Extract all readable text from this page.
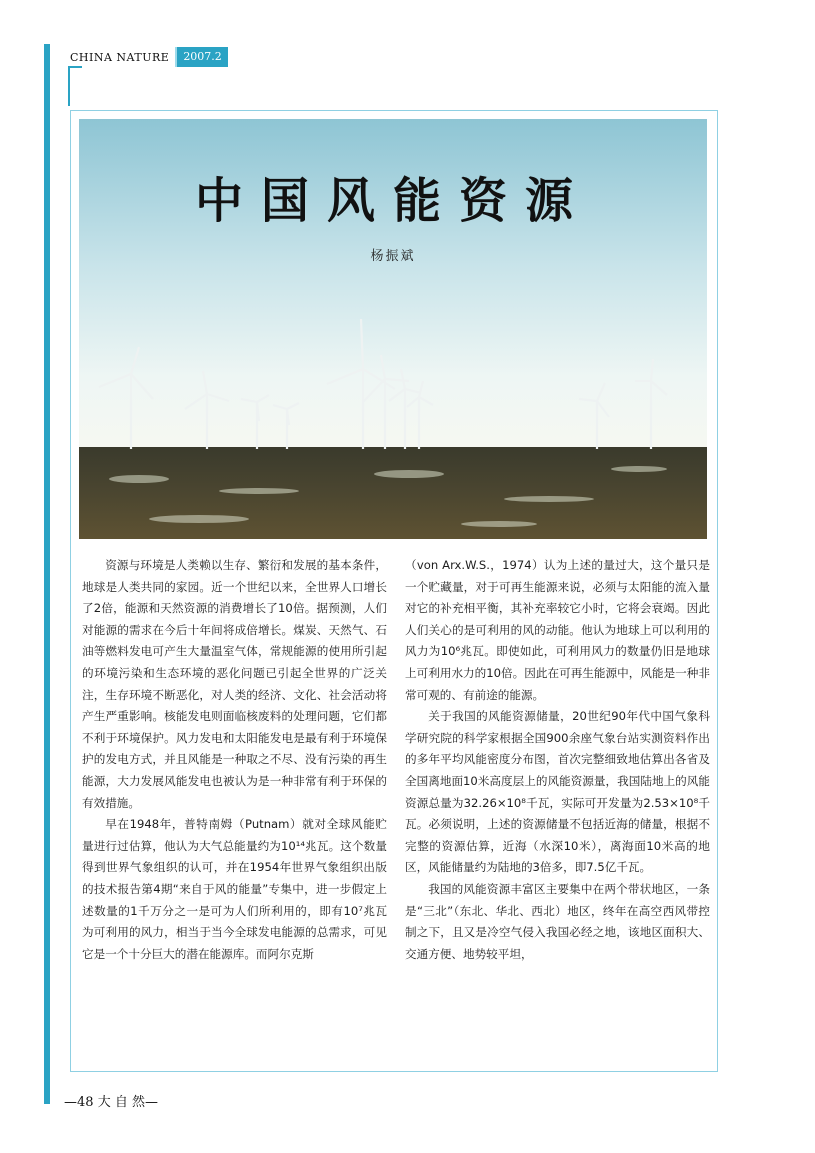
CHINA NATURE	2007.2
中国风能资源
杨振斌

资源与环境是人类赖以生存、繁衍和发展的基本条件，地球是人类共同的家园。近一个世纪以来，全世界人口增长了2倍，能源和天然资源的消费增长了10倍。据预测，人们对能源的需求在今后十年间将成倍增长。煤炭、天然气、石油等燃料发电可产生大量温室气体，常规能源的使用所引起的环境污染和生态环境的恶化问题已引起全世界的广泛关注，生存环境不断恶化，对人类的经济、文化、社会活动将产生严重影响。核能发电则面临核废料的处理问题，它们都不利于环境保护。风力发电和太阳能发电是最有利于环境保护的发电方式，并且风能是一种取之不尽、没有污染的再生能源，大力发展风能发电也被认为是一种非常有利于环保的有效措施。

早在1948年，普特南姆（Putnam）就对全球风能贮量进行过估算，他认为大气总能量约为10¹⁴兆瓦。这个数量得到世界气象组织的认可，并在1954年世界气象组织出版的技术报告第4期“来自于风的能量”专集中，进一步假定上述数量的1千万分之一是可为人们所利用的，即有10⁷兆瓦为可利用的风力，相当于当今全球发电能源的总需求，可见它是一个十分巨大的潜在能源库。而阿尔克斯

（von Arx.W.S.，1974）认为上述的量过大，这个量只是一个贮藏量，对于可再生能源来说，必须与太阳能的流入量对它的补充相平衡，其补充率较它小时，它将会衰竭。因此人们关心的是可利用的风的动能。他认为地球上可以利用的风力为10⁶兆瓦。即使如此，可利用风力的数量仍旧是地球上可利用水力的10倍。因此在可再生能源中，风能是一种非常可观的、有前途的能源。

关于我国的风能资源储量，20世纪90年代中国气象科学研究院的科学家根据全国900余座气象台站实测资料作出的多年平均风能密度分布图，首次完整细致地估算出各省及全国离地面10米高度层上的风能资源量，我国陆地上的风能资源总量为32.26×10⁸千瓦，实际可开发量为2.53×10⁸千瓦。必须说明，上述的资源储量不包括近海的储量，根据不完整的资源估算，近海（水深10米），离海面10米高的地区，风能储量约为陆地的3倍多，即7.5亿千瓦。

我国的风能资源丰富区主要集中在两个带状地区，一条是“三北”（东北、华北、西北）地区，终年在高空西风带控制之下，且又是冷空气侵入我国必经之地，该地区面积大、交通方便、地势较平坦，

—48 大 自 然—
